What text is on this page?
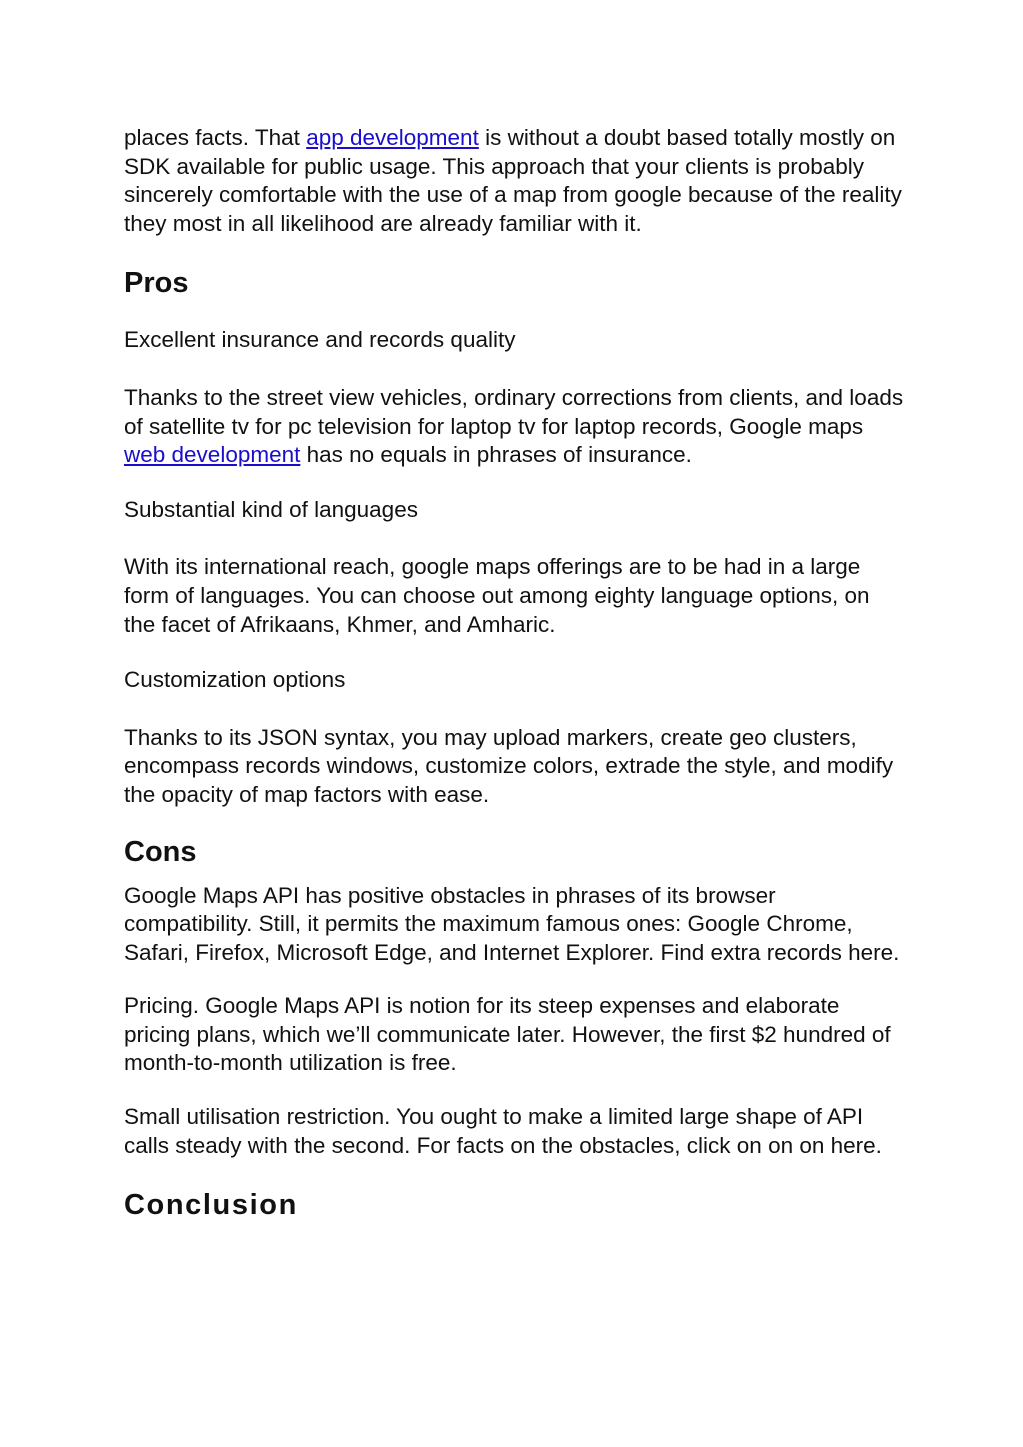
places facts. That app development is without a doubt based totally mostly on SDK available for public usage. This approach that your clients is probably sincerely comfortable with the use of a map from google because of the reality they most in all likelihood are already familiar with it.

Pros

Excellent insurance and records quality

Thanks to the street view vehicles, ordinary corrections from clients, and loads of satellite tv for pc television for laptop tv for laptop records, Google maps web development has no equals in phrases of insurance.

Substantial kind of languages

With its international reach, google maps offerings are to be had in a large form of languages. You can choose out among eighty language options, on the facet of Afrikaans, Khmer, and Amharic.

Customization options

Thanks to its JSON syntax, you may upload markers, create geo clusters, encompass records windows, customize colors, extrade the style, and modify the opacity of map factors with ease.

Cons

Google Maps API has positive obstacles in phrases of its browser compatibility. Still, it permits the maximum famous ones: Google Chrome, Safari, Firefox, Microsoft Edge, and Internet Explorer. Find extra records here.

Pricing. Google Maps API is notion for its steep expenses and elaborate pricing plans, which we’ll communicate later. However, the first $2 hundred of month-to-month utilization is free.

Small utilisation restriction. You ought to make a limited large shape of API calls steady with the second. For facts on the obstacles, click on on on here.

Conclusion
